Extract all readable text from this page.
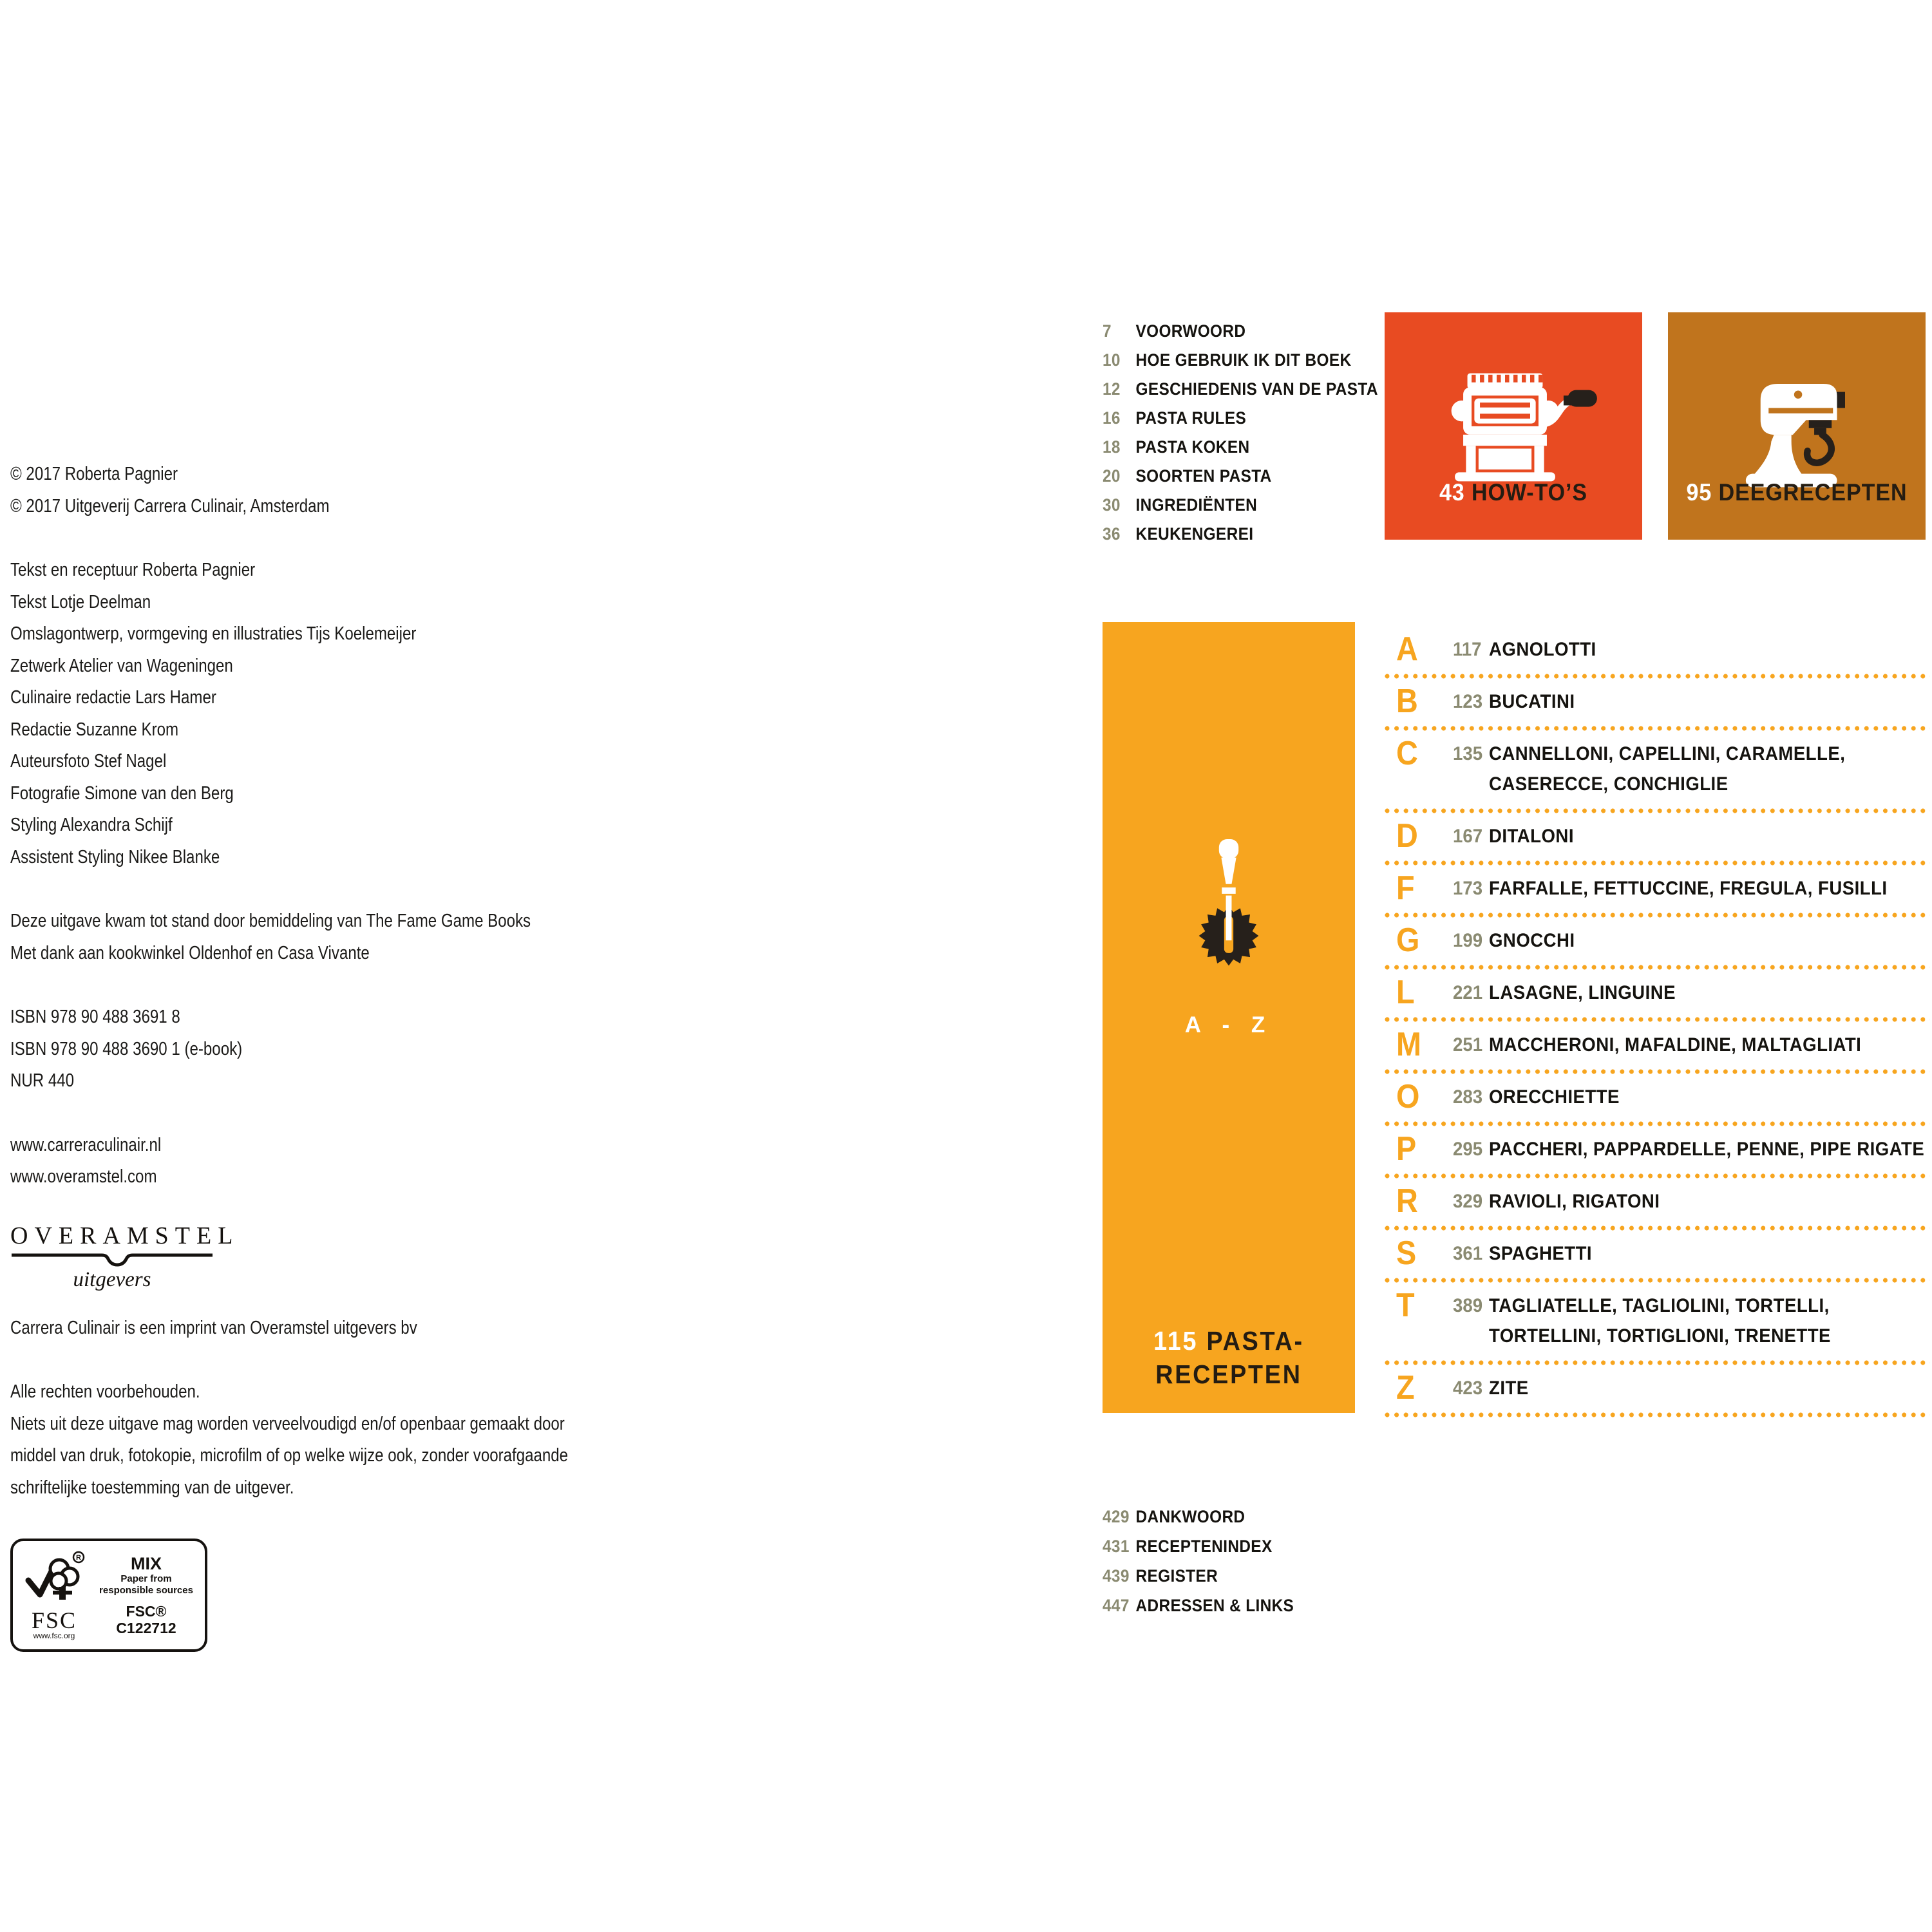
© 2017 Roberta Pagnier

© 2017 Uitgeverij Carrera Culinair, Amsterdam

Tekst en receptuur Roberta Pagnier

Tekst Lotje Deelman

Omslagontwerp, vormgeving en illustraties Tijs Koelemeijer

Zetwerk Atelier van Wageningen

Culinaire redactie Lars Hamer

Redactie Suzanne Krom

Auteursfoto Stef Nagel

Fotografie Simone van den Berg

Styling Alexandra Schijf

Assistent Styling Nikee Blanke

Deze uitgave kwam tot stand door bemiddeling van The Fame Game Books

Met dank aan kookwinkel Oldenhof en Casa Vivante

ISBN 978 90 488 3691 8

ISBN 978 90 488 3690 1 (e-book)

NUR 440

www.carreraculinair.nl

www.overamstel.com

OVERAMSTEL
uitgevers

Carrera Culinair is een imprint van Overamstel uitgevers bv

Alle rechten voorbehouden.

Niets uit deze uitgave mag worden verveelvoudigd en/of openbaar gemaakt door

middel van druk, fotokopie, microfilm of op welke wijze ook, zonder voorafgaande

schriftelijke toestemming van de uitgever.

R
FSC
www.fsc.org
MIX
Paper from
responsible sources
FSC® C122712
7	VOORWOORD
10 HOE GEBRUIK IK DIT BOEK
12 GESCHIEDENIS VAN DE PASTA
16 PASTA RULES
18 PASTA KOKEN
20 SOORTEN PASTA
30 INGREDIËNTEN
36 KEUKENGEREI
43 HOW-TO’S	95 DEEGRECEPTEN
A - Z
115 PASTA-
RECEPTEN
A	117 AGNOLOTTI
B	123 BUCATINI
C	135 CANNELLONI, CAPELLINI, CARAMELLE,
CASERECCE, CONCHIGLIE
D	167 DITALONI
F	173 FARFALLE, FETTUCCINE, FREGULA, FUSILLI
G	199 GNOCCHI
L	221 LASAGNE, LINGUINE
M	251 MACCHERONI, MAFALDINE, MALTAGLIATI
O	283 ORECCHIETTE
P	295 PACCHERI, PAPPARDELLE, PENNE, PIPE RIGATE
R	329 RAVIOLI, RIGATONI
S	361 SPAGHETTI
T	389 TAGLIATELLE, TAGLIOLINI, TORTELLI,
TORTELLINI, TORTIGLIONI, TRENETTE
Z	423 ZITE
429 DANKWOORD
431 RECEPTENINDEX
439 REGISTER
447 ADRESSEN & LINKS
